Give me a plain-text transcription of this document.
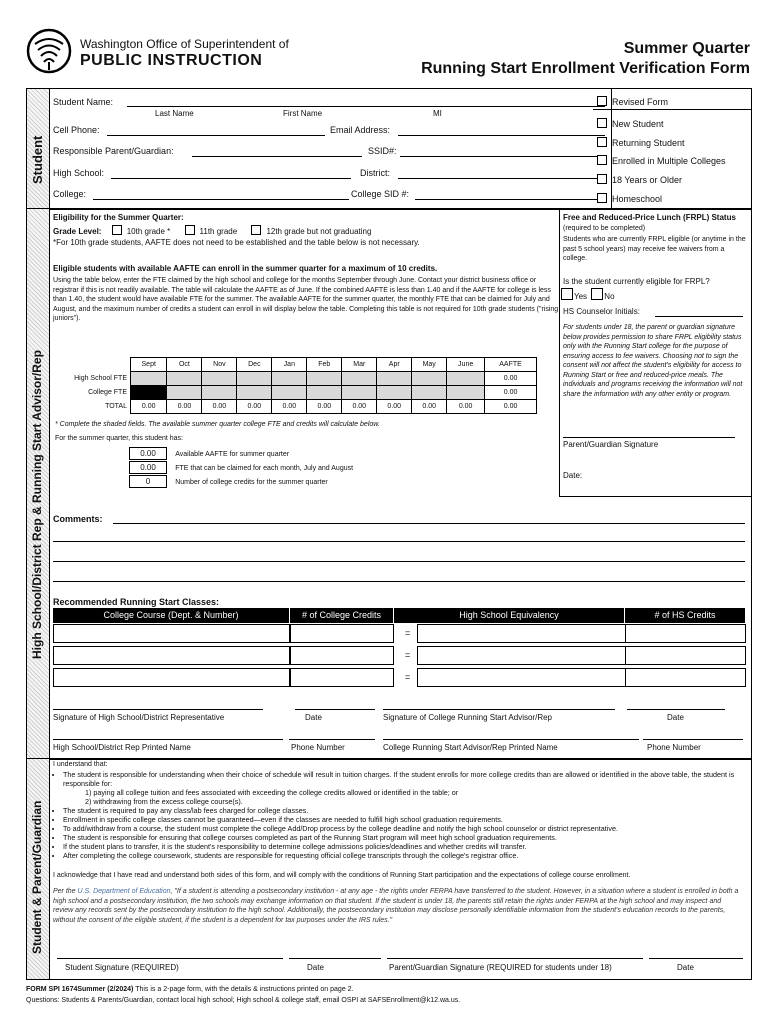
Washington Office of Superintendent of
PUBLIC INSTRUCTION
Summer Quarter
Running Start Enrollment Verification Form
Student
Student Name:
Last Name	First Name	MI
Cell Phone:	Email Address:
Responsible Parent/Guardian:	SSID#:
High School:	District:
College:	College SID #:
Revised Form
New Student
Returning Student
Enrolled in Multiple Colleges
18 Years or Older
Homeschool
High School/District Rep & Running Start Advisor/Rep
Eligibility for the Summer Quarter:
Grade Level:	10th grade *	11th grade	12th grade but not graduating
*For 10th grade students, AAFTE does not need to be established and the table below is not necessary.
Eligible students with available AAFTE can enroll in the summer quarter for a maximum of 10 credits.
Using the table below, enter the FTE claimed by the high school and college for the months September through June. Contact your district business office or registrar if this is not readily available. The table will calculate the AAFTE as of June. If the combined AAFTE is less than 1.40 and if the AAFTE for college is less than 1.40, the student would have available FTE for the summer. The available AAFTE for the summer quarter, the monthly FTE that can be claimed for July and August, and the maximum number of credits a student can enroll in will display below the table. Completing this table is not required for 10th grade students ("rising juniors").
	Sept	Oct	Nov	Dec	Jan	Feb	Mar	Apr	May	June	AAFTE
High School FTE											0.00
College FTE											0.00
TOTAL	0.00	0.00	0.00	0.00	0.00	0.00	0.00	0.00	0.00	0.00	0.00
* Complete the shaded fields. The available summer quarter college FTE and credits will calculate below.
For the summer quarter, this student has:
0.00	Available AAFTE for summer quarter
0.00	FTE that can be claimed for each month, July and August
0	Number of college credits for the summer quarter
Free and Reduced-Price Lunch (FRPL) Status
(required to be completed)
Students who are currently FRPL eligible (or anytime in the past 5 school years) may receive fee waivers from a college.
Is the student currently eligible for FRPL?
Yes No
HS Counselor Initials:
For students under 18, the parent or guardian signature below provides permission to share FRPL eligibility status only with the Running Start college for the purpose of ensuring access to fee waivers. Choosing not to sign the consent will not affect the student's eligibility for access to Running Start or free and reduced-price meals. The individuals and programs receiving the information will not share the information with any other entity or program.
Parent/Guardian Signature
Date:
Comments:
Recommended Running Start Classes:
College Course (Dept. & Number)	# of College Credits	High School Equivalency	# of HS Credits
=
=
=
Signature of High School/District Representative	Date	Signature of College Running Start Advisor/Rep	Date
High School/District Rep Printed Name	Phone Number	College Running Start Advisor/Rep Printed Name	Phone Number
Student & Parent/Guardian
I understand that:
• The student is responsible for understanding when their choice of schedule will result in tuition charges. If the student enrolls for more college credits than are allowed or identified in the above table, the student is responsible for:
1) paying all college tuition and fees associated with exceeding the college credits allowed or identified in the table; or
2) withdrawing from the excess college course(s).
• The student is required to pay any class/lab fees charged for college classes.
• Enrollment in specific college classes cannot be guaranteed—even if the classes are needed to fulfill high school graduation requirements.
• To add/withdraw from a course, the student must complete the college Add/Drop process by the college deadline and notify the high school counselor or district representative.
• The student is responsible for ensuring that college courses completed as part of the Running Start program will meet high school graduation requirements.
• If the student plans to transfer, it is the student's responsibility to determine college admissions policies/deadlines and whether credits will transfer.
• After completing the college coursework, students are responsible for requesting official college transcripts through the college's registrar office.
I acknowledge that I have read and understand both sides of this form, and will comply with the conditions of Running Start participation and the expectations of college course enrollment.
Per the U.S. Department of Education, "If a student is attending a postsecondary institution - at any age - the rights under FERPA have transferred to the student. However, in a situation where a student is enrolled in both a high school and a postsecondary institution, the two schools may exchange information on that student. If the student is under 18, the parents still retain the rights under FERPA at the high school and may inspect and review any records sent by the postsecondary institution to the high school. Additionally, the postsecondary institution may disclose personally identifiable information from the student's education records to the parents, without the consent of the eligible student, if the student is a dependent for tax purposes under the IRS rules."
Student Signature (REQUIRED)	Date	Parent/Guardian Signature (REQUIRED for students under 18)	Date
FORM SPI 1674Summer (2/2024) This is a 2-page form, with the details & instructions printed on page 2.
Questions: Students & Parents/Guardian, contact local high school; High school & college staff, email OSPI at SAFSEnrollment@k12.wa.us.
